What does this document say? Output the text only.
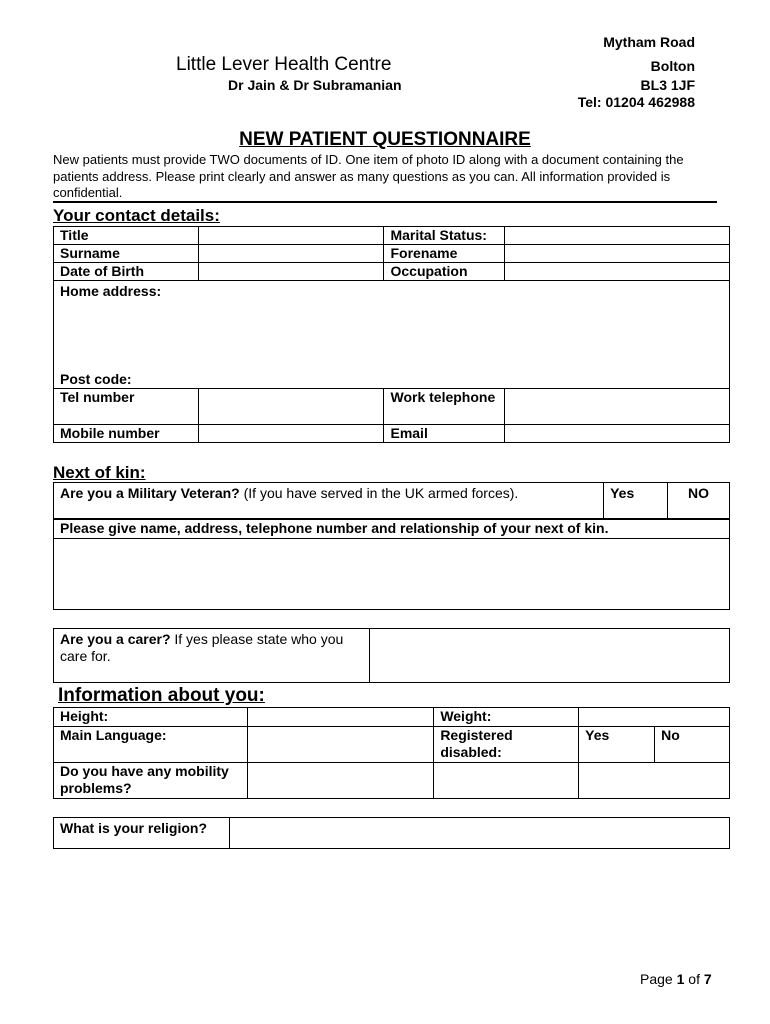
Little Lever Health Centre
Dr Jain & Dr Subramanian
Mytham Road
Bolton
BL3 1JF
Tel: 01204 462988
NEW PATIENT QUESTIONNAIRE
New patients must provide TWO documents of ID. One item of photo ID along with a document containing the patients address. Please print clearly and answer as many questions as you can. All information provided is confidential.
Your contact details:
Title		Marital Status:	
Surname		Forename	
Date of Birth		Occupation	

Home address:
Post code:			

Tel number		Work telephone	
Mobile number		Email	
Next of kin:
Are you a Military Veteran? (If you have served in the UK armed forces).	Yes	NO
Please give name, address, telephone number and relationship of your next of kin.

Are you a carer? If yes please state who you care for.	
Information about you:
Height:		Weight:		
Main Language:		Registered disabled:	Yes	No
Do you have any mobility problems?				
What is your religion?	
Page 1 of 7
